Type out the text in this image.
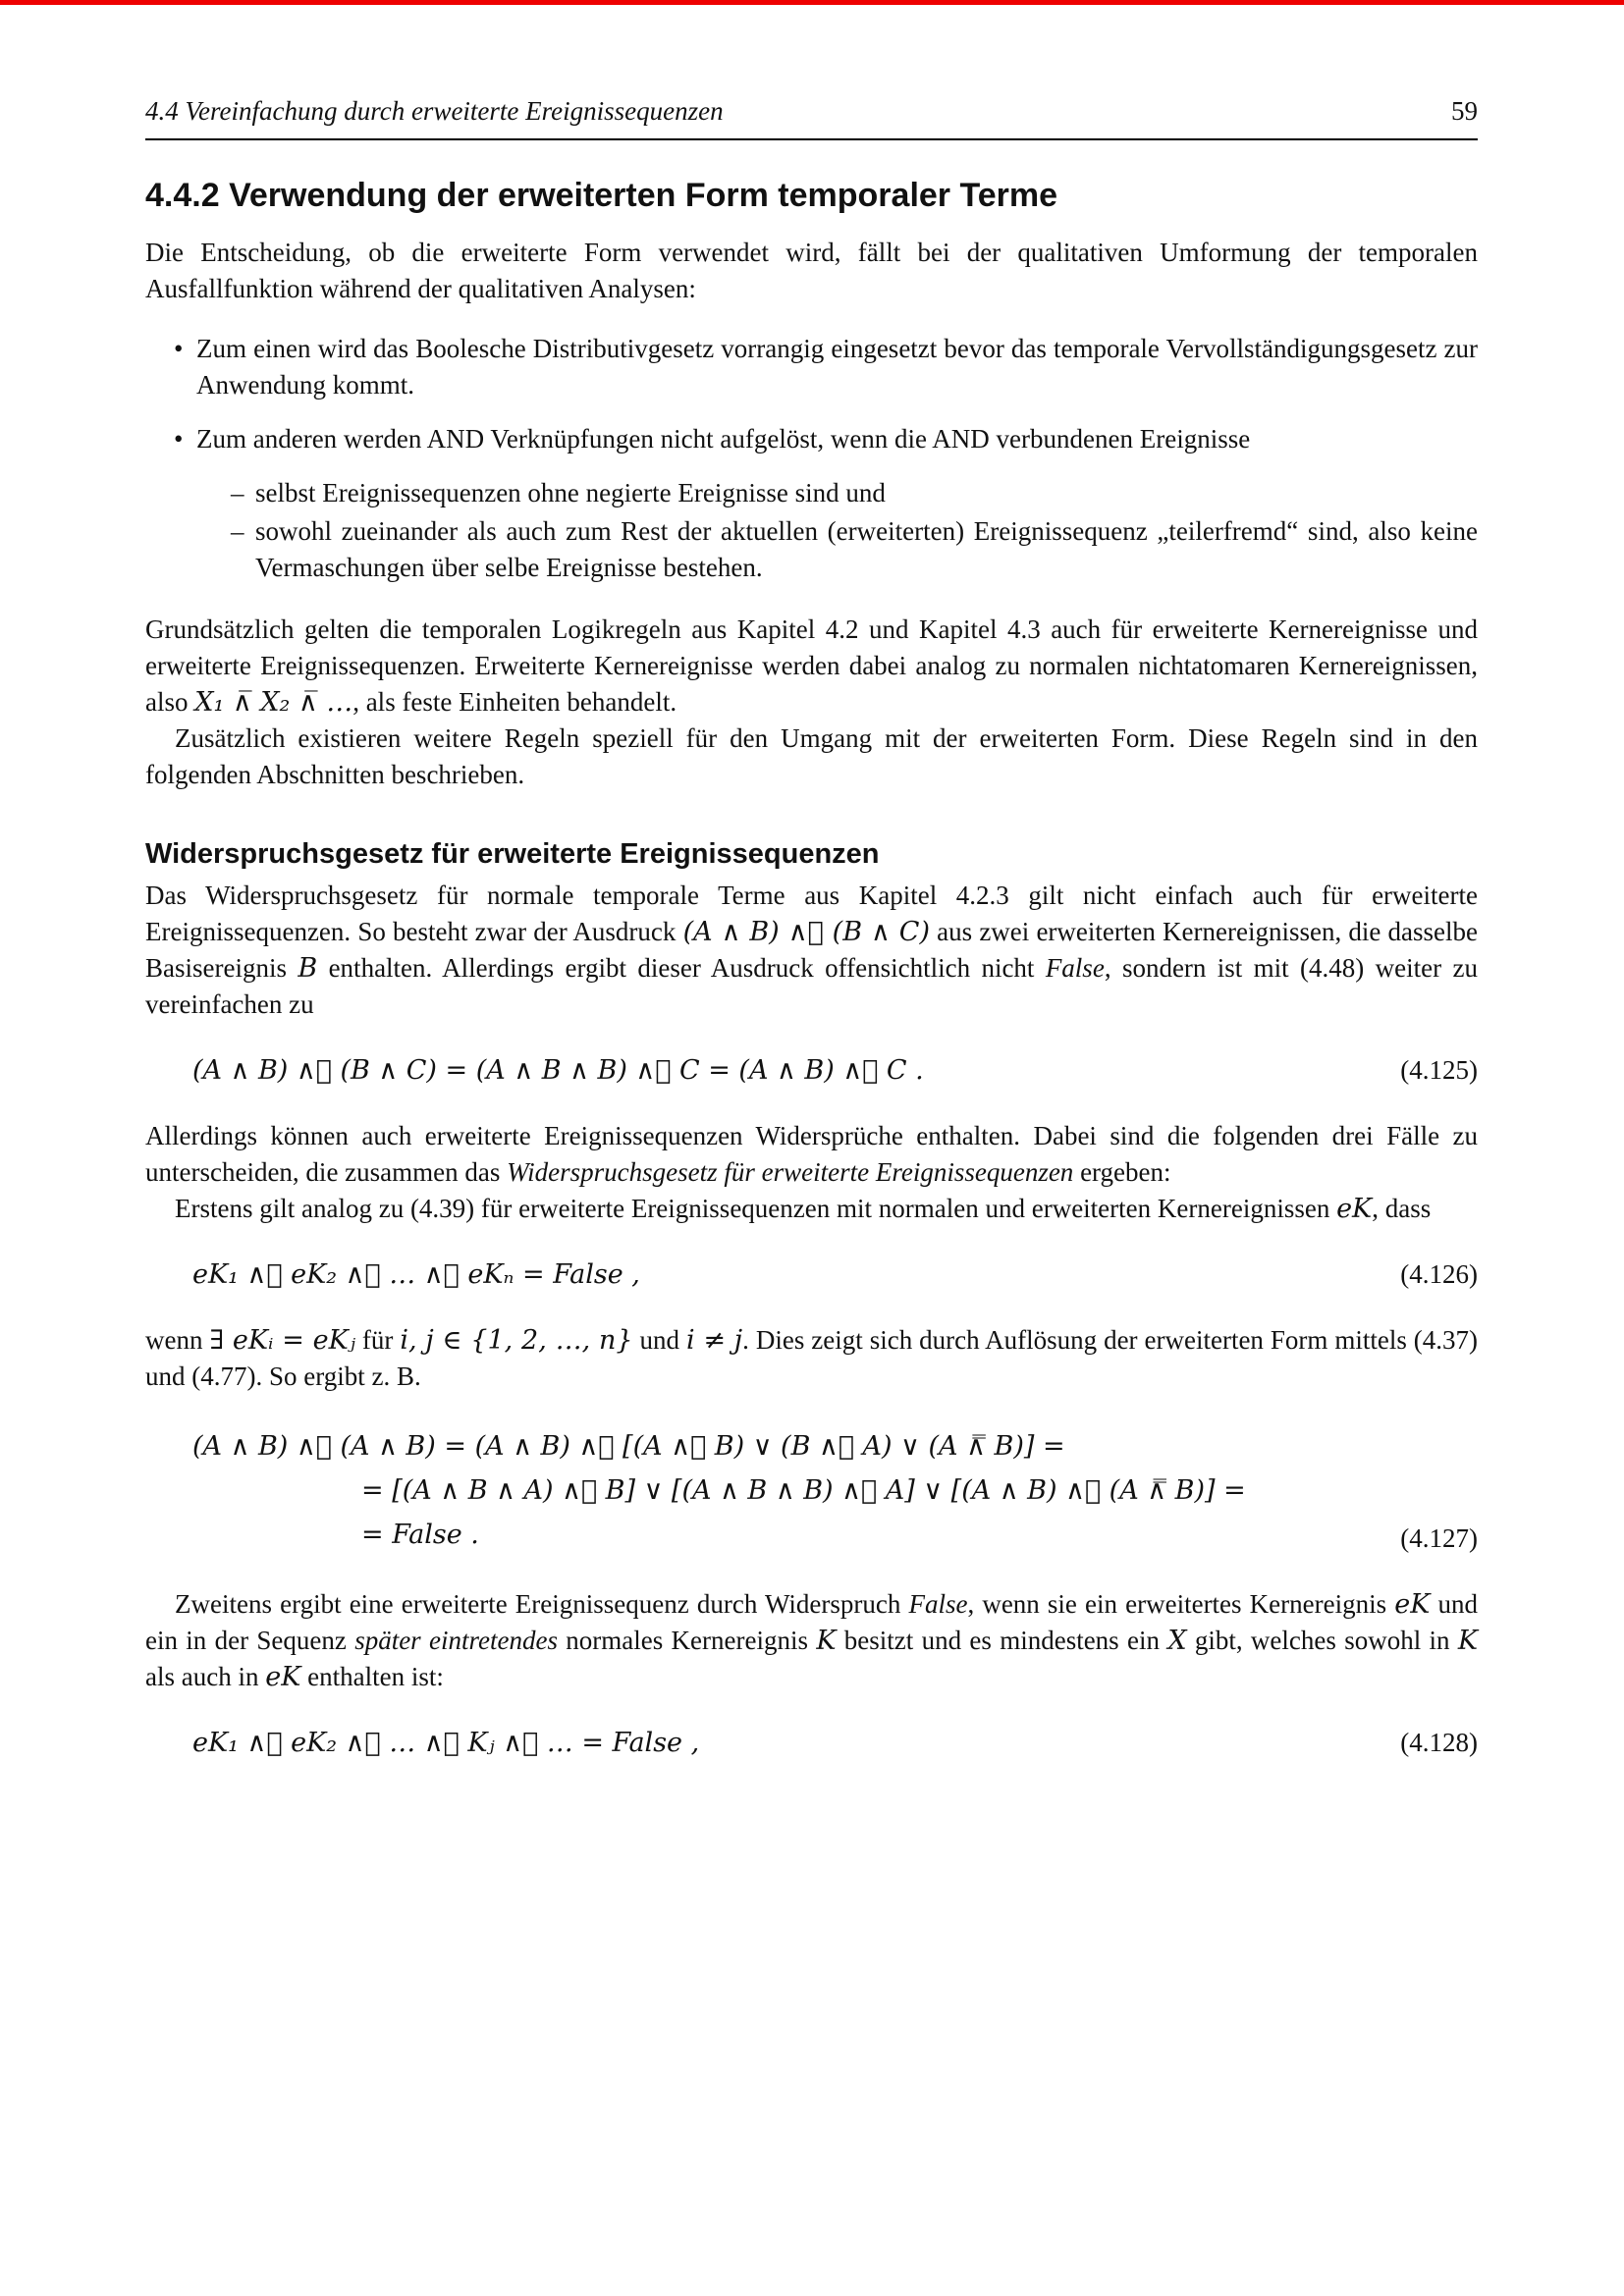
4.4 Vereinfachung durch erweiterte Ereignissequenzen	59
4.4.2 Verwendung der erweiterten Form temporaler Terme

Die Entscheidung, ob die erweiterte Form verwendet wird, fällt bei der qualitativen Umformung der temporalen Ausfallfunktion während der qualitativen Analysen:

• Zum einen wird das Boolesche Distributivgesetz vorrangig eingesetzt bevor das temporale Vervollständigungsgesetz zur Anwendung kommt.
• Zum anderen werden AND Verknüpfungen nicht aufgelöst, wenn die AND verbundenen Ereignisse
– selbst Ereignissequenzen ohne negierte Ereignisse sind und
– sowohl zueinander als auch zum Rest der aktuellen (erweiterten) Ereignissequenz „teilerfremd“ sind, also keine Vermaschungen über selbe Ereignisse bestehen.

Grundsätzlich gelten die temporalen Logikregeln aus Kapitel 4.2 und Kapitel 4.3 auch für erweiterte Kernereignisse und erweiterte Ereignissequenzen. Erweiterte Kernereignisse werden dabei analog zu normalen nichtatomaren Kernereignissen, also X₁ ∧̅ X₂ ∧̅ …, als feste Einheiten behandelt.

Zusätzlich existieren weitere Regeln speziell für den Umgang mit der erweiterten Form. Diese Regeln sind in den folgenden Abschnitten beschrieben.

Widerspruchsgesetz für erweiterte Ereignissequenzen

Das Widerspruchsgesetz für normale temporale Terme aus Kapitel 4.2.3 gilt nicht einfach auch für erweiterte Ereignissequenzen. So besteht zwar der Ausdruck (A ∧ B) ∧⃗ (B ∧ C) aus zwei erweiterten Kernereignissen, die dasselbe Basisereignis B enthalten. Allerdings ergibt dieser Ausdruck offensichtlich nicht False, sondern ist mit (4.48) weiter zu vereinfachen zu

(A ∧ B) ∧⃗ (B ∧ C) = (A ∧ B ∧ B) ∧⃗ C = (A ∧ B) ∧⃗ C .	(4.125)

Allerdings können auch erweiterte Ereignissequenzen Widersprüche enthalten. Dabei sind die folgenden drei Fälle zu unterscheiden, die zusammen das Widerspruchsgesetz für erweiterte Ereignissequenzen ergeben:

Erstens gilt analog zu (4.39) für erweiterte Ereignissequenzen mit normalen und erweiterten Kernereignissen eK, dass

eK₁ ∧⃗ eK₂ ∧⃗ … ∧⃗ eKₙ = False ,	(4.126)

wenn ∃ eKᵢ = eKⱼ für i, j ∈ {1, 2, …, n} und i ≠ j. Dies zeigt sich durch Auflösung der erweiterten Form mittels (4.37) und (4.77). So ergibt z. B.

(A ∧ B) ∧⃗ (A ∧ B) = (A ∧ B) ∧⃗ [(A ∧⃗ B) ∨ (B ∧⃗ A) ∨ (A ∧̿ B)] =
= [(A ∧ B ∧ A) ∧⃗ B] ∨ [(A ∧ B ∧ B) ∧⃗ A] ∨ [(A ∧ B) ∧⃗ (A ∧̿ B)] =
= False .	(4.127)

Zweitens ergibt eine erweiterte Ereignissequenz durch Widerspruch False, wenn sie ein erweitertes Kernereignis eK und ein in der Sequenz später eintretendes normales Kernereignis K besitzt und es mindestens ein X gibt, welches sowohl in K als auch in eK enthalten ist:

eK₁ ∧⃗ eK₂ ∧⃗ … ∧⃗ Kⱼ ∧⃗ … = False ,	(4.128)
